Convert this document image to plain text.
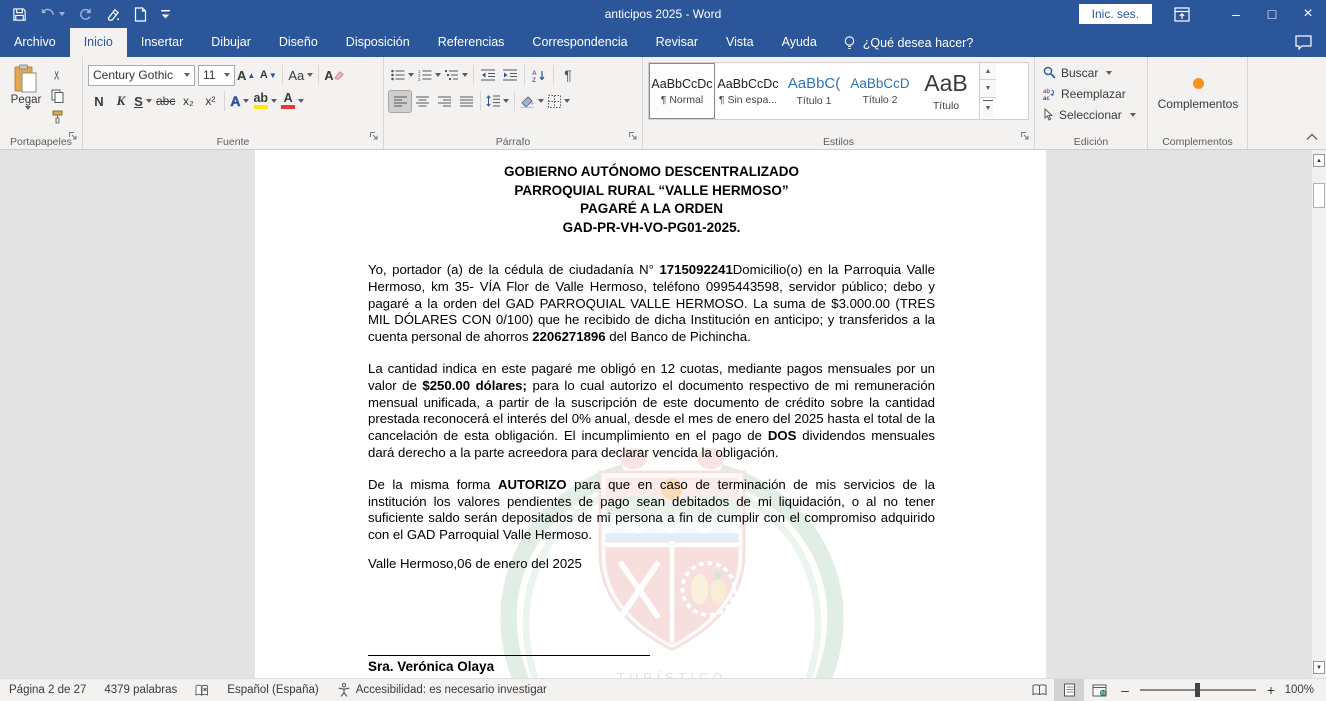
anticipos 2025 - Word	Inic. ses.	–	□	×
Archivo	Inicio	Insertar	Dibujar	Diseño	Disposición	Referencias	Correspondencia	Revisar	Vista	Ayuda	¿Qué desea hacer?
Pegar
✂
Portapapeles
Century Gothic 11 A ▲ A ▼ Aa A
N K S abc x₂ x² A ab A
Fuente
1
2
3
A
Z ¶
Párrafo
AaBbCcDc
¶ Normal
AaBbCcDc
¶ Sin espa...
AaBbC(
Título 1
AaBbCcD
Título 2
AaB
Título
▲
▼
▼
Estilos
Buscar
ab
ac Reemplazar
Seleccionar
Edición
Complementos
Complementos
GOBIERNO AUTÓNOMO DESCENTRALIZADO
PARROQUIAL RURAL “VALLE HERMOSO”
PAGARÉ A LA ORDEN
GAD-PR-VH-VO-PG01-2025.

Yo, portador (a) de la cédula de ciudadanía N° 1715092241Domicilio(o) en la Parroquia Valle Hermoso, km 35- VÍA Flor de Valle Hermoso, teléfono 0995443598, servidor público; debo y pagaré a la orden del GAD PARROQUIAL VALLE HERMOSO. La suma de $3.000.00 (TRES MIL DÓLARES CON 0/100) que he recibido de dicha Institución en anticipo; y transferidos a la cuenta personal de ahorros 2206271896 del Banco de Pichincha.

La cantidad indica en este pagaré me obligó en 12 cuotas, mediante pagos mensuales por un valor de $250.00 dólares; para lo cual autorizo el documento respectivo de mi remuneración mensual unificada, a partir de la suscripción de este documento de crédito sobre la cantidad prestada reconocerá el interés del 0% anual, desde el mes de enero del 2025 hasta el total de la cancelación de esta obligación. El incumplimiento en el pago de DOS dividendos mensuales dará derecho a la parte acreedora para declarar vencida la obligación.

De la misma forma AUTORIZO para que en caso de terminación de mis servicios de la institución los valores pendientes de pago sean debitados de mi liquidación, o al no tener suficiente saldo serán depositados de mi persona a fin de cumplir con el compromiso adquirido con el GAD Parroquial Valle Hermoso.

Valle Hermoso,06 de enero del 2025
Sra. Verónica Olaya
▲
▼
Página 2 de 27	4379 palabras	Español (España)	Accesibilidad: es necesario investigar	–	+ 100%
